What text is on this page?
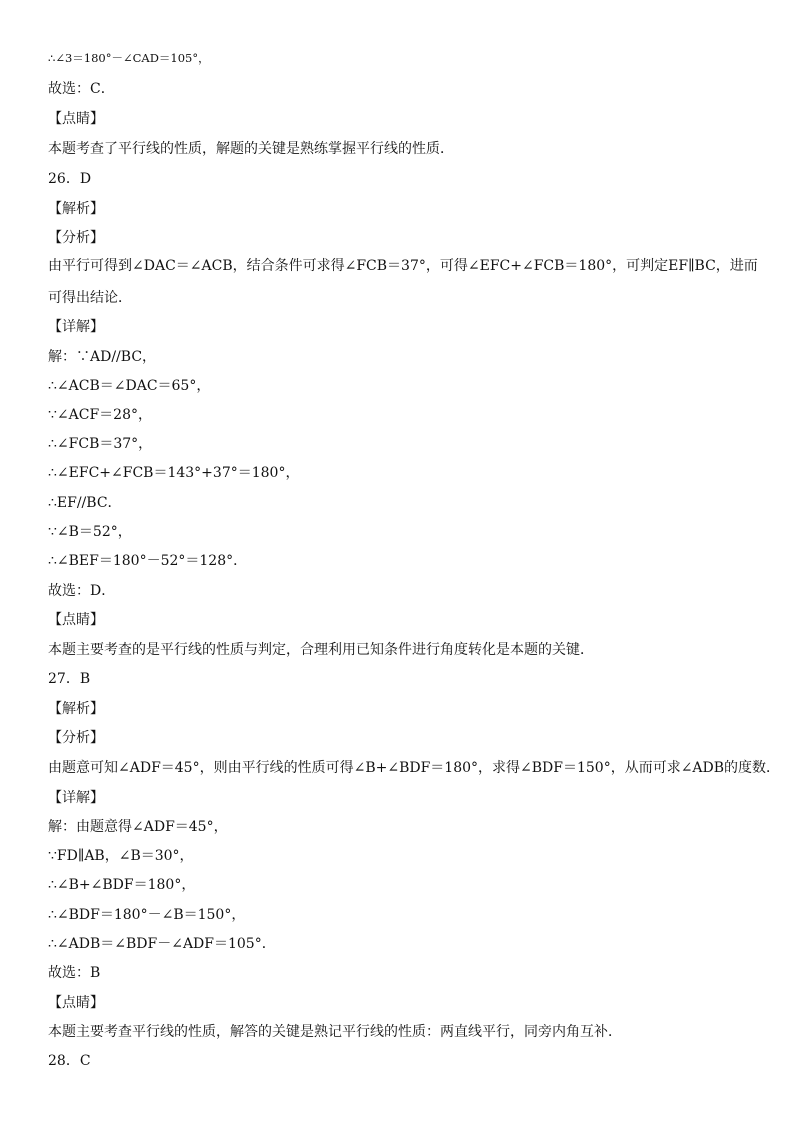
∴∠3＝180°－∠CAD＝105°，
故选：C．
【点睛】
本题考查了平行线的性质，解题的关键是熟练掌握平行线的性质．
26．D
【解析】
【分析】
由平行可得到∠DAC＝∠ACB，结合条件可求得∠FCB＝37°，可得∠EFC+∠FCB＝180°，可判定EF∥BC，进而可得出结论．
【详解】
解：∵AD//BC，
∴∠ACB＝∠DAC＝65°，
∵∠ACF＝28°，
∴∠FCB＝37°，
∴∠EFC+∠FCB＝143°+37°＝180°，
∴EF//BC．
∵∠B＝52°，
∴∠BEF＝180°－52°＝128°．
故选：D．
【点睛】
本题主要考查的是平行线的性质与判定，合理利用已知条件进行角度转化是本题的关键．
27．B
【解析】
【分析】
由题意可知∠ADF＝45°，则由平行线的性质可得∠B+∠BDF＝180°，求得∠BDF＝150°，从而可求∠ADB的度数．
【详解】
解：由题意得∠ADF＝45°，
∵FD∥AB，∠B＝30°，
∴∠B+∠BDF＝180°，
∴∠BDF＝180°－∠B＝150°，
∴∠ADB＝∠BDF－∠ADF＝105°．
故选：B
【点睛】
本题主要考查平行线的性质，解答的关键是熟记平行线的性质：两直线平行，同旁内角互补．
28．C
